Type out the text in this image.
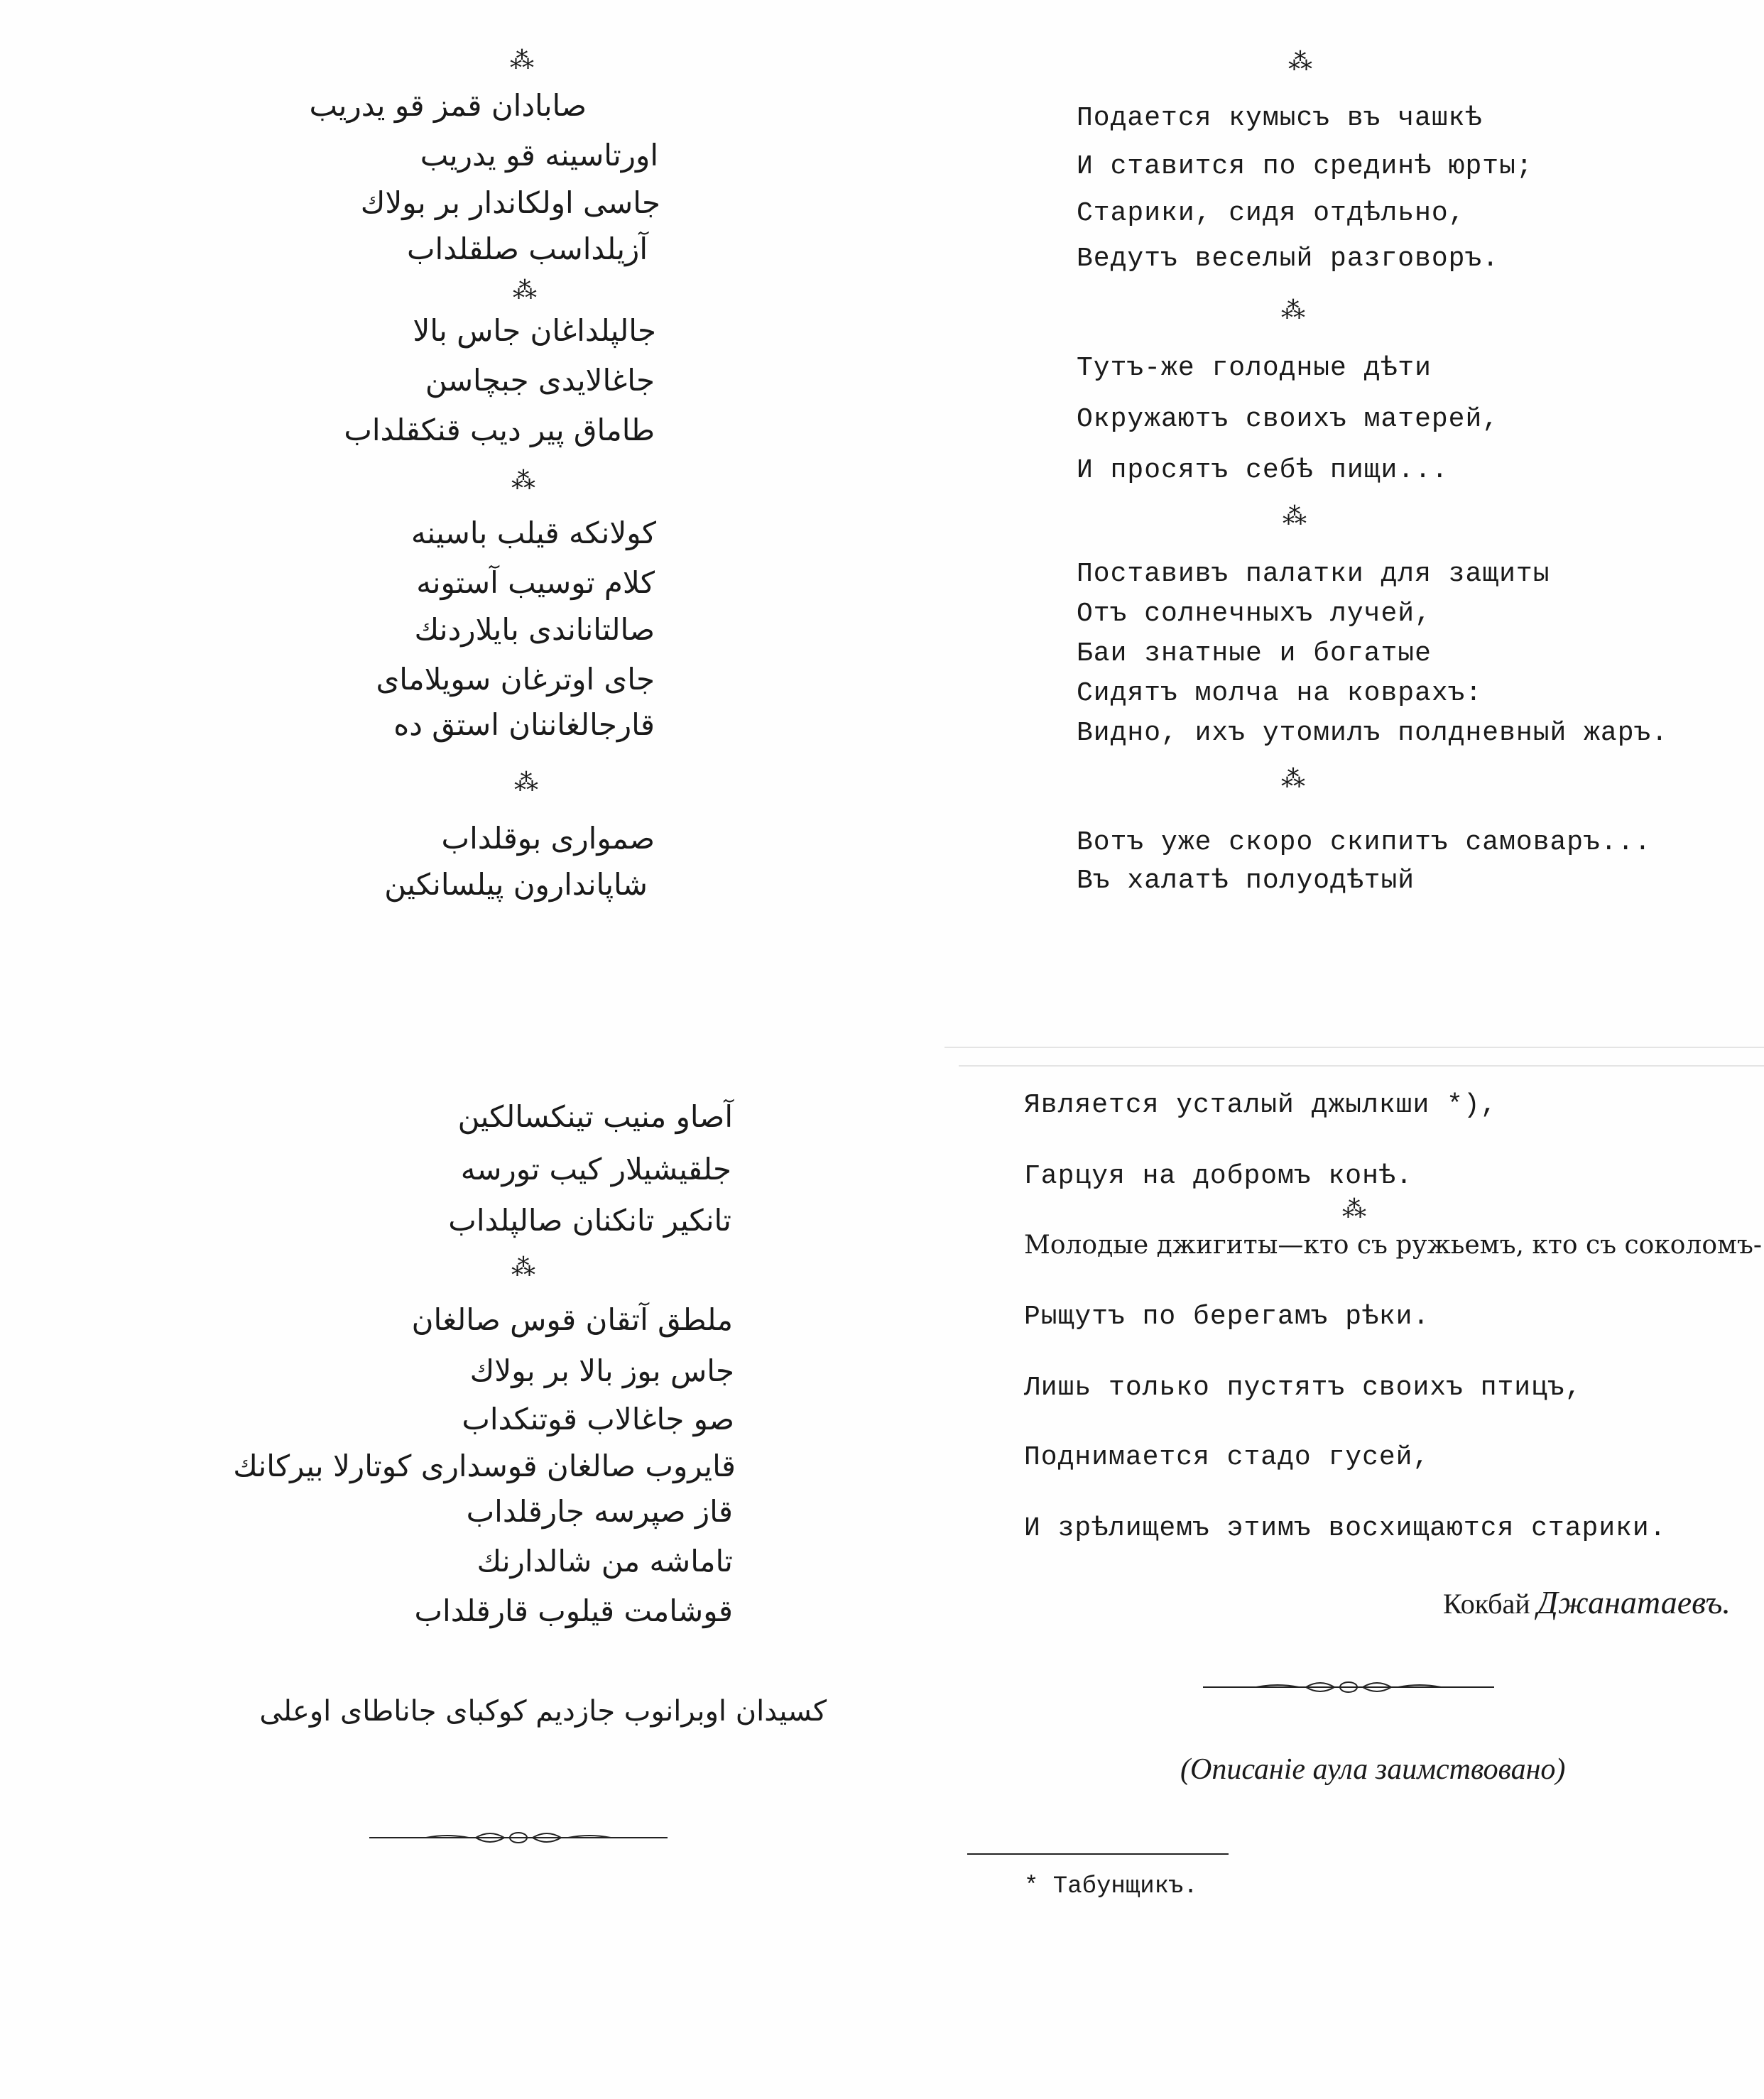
⁂
صابادان قمز قو يدريب
اورتاسينه قو يدريب
جاسی اولكاندار بر بولاك
آزيلداسب صلقلداب
⁂
جالپلداغان جاس بالا
جاغالايدی جبچاسن
طاماق پير ديب قنكقلداب
⁂
كولانكه قيلب باسينه
كلام توسيب آستونه
صالتاناندی بايلاردنك
جای اوترغان سويلاماى
قارجالغاننان استق ده
⁂
صمواری بوقلداب
شاپاندارون پيلسانكين
⁂
Подается кумысъ въ чашкѣ
И ставится по срединѣ юрты;
Старики, сидя отдѣльно,
Ведутъ веселый разговоръ.
⁂
Тутъ-же голодные дѣти
Окружаютъ своихъ матерей,
И просятъ себѣ пищи...
⁂
Поставивъ палатки для защиты
Отъ солнечныхъ лучей,
Баи знатные и богатые
Сидятъ молча на коврахъ:
Видно, ихъ утомилъ полдневный жаръ.
⁂
Вотъ уже скоро скипитъ самоваръ...
Въ халатѣ полуодѣтый
آصاو منيب تينكسالكين
جلقيشيلار كيب تورسه
تانكير تانكنان صالپلداب
⁂
ملطق آتقان قوس صالغان
جاس بوز بالا بر بولاك
صو جاغالاب قوتنكداب
قايروب صالغان قوسداری كوتارلا بيركانك
قاز صپرسه جارقلداب
تاماشه من شالدارنك
قوشامت قيلوب قارقلداب
كسيدان اوبرانوب جازديم كوكبای جاناطای اوعلی
Является усталый джылкши *),
Гарцуя на добромъ конѣ.
⁂
Молодые джигиты—кто съ ружьемъ, кто съ соколомъ-
Рыщутъ по берегамъ рѣки.
Лишь только пустятъ своихъ птицъ,
Поднимается стадо гусей,
И зрѣлищемъ этимъ восхищаются старики.
Кокбай Джанатаевъ.
(Описаніе аула заимствовано)
* Табунщикъ.
